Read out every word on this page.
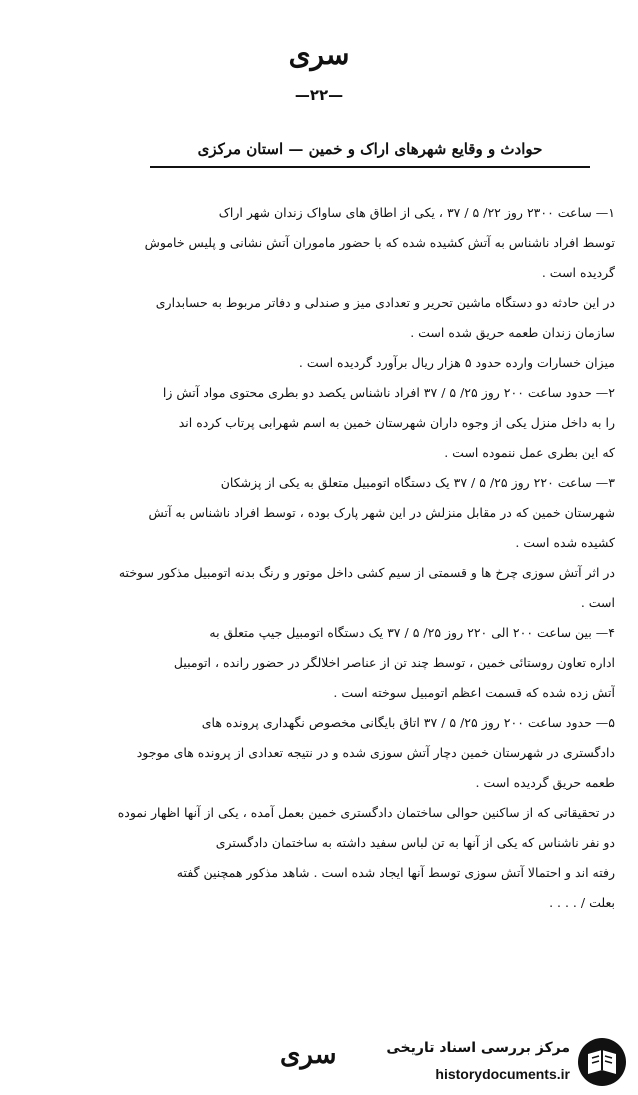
سری
—۲۲—
حوادث و وقایع شهرهای اراک و خمین — استان مرکزی
۱— ساعت ۲۳۰۰ روز ۲۲/ ۵ / ۳۷ ، یکی از اطاق های ساواک زندان شهر اراک
توسط افراد ناشناس به آتش کشیده شده که با حضور ماموران آتش نشانی و پلیس خاموش
گردیده است .
در این حادثه دو دستگاه ماشین تحریر و تعدادی میز و صندلی و دفاتر مربوط به حسابداری
سازمان زندان طعمه حریق شده است .
میزان خسارات وارده حدود ۵ هزار ریال برآورد گردیده است .
۲— حدود ساعت ۲۰۰ روز ۲۵/ ۵ / ۳۷ افراد ناشناس یکصد دو بطری محتوی مواد آتش زا
را به داخل منزل یکی از وجوه داران شهرستان خمین به اسم شهرابی پرتاب کرده اند
که این بطری عمل ننموده است .
۳— ساعت ۲۲۰ روز ۲۵/ ۵ / ۳۷ یک دستگاه اتومبیل متعلق به یکی از پزشکان
شهرستان خمین که در مقابل منزلش در این شهر پارک بوده ، توسط افراد ناشناس به آتش
کشیده شده است .
در اثر آتش سوزی چرخ ها و قسمتی از سیم کشی داخل موتور و رنگ بدنه اتومبیل مذکور سوخته
است .
۴— بین ساعت ۲۰۰ الی ۲۲۰ روز ۲۵/ ۵ / ۳۷ یک دستگاه اتومبیل جیپ متعلق به
اداره تعاون روستائی خمین ، توسط چند تن از عناصر اخلالگر در حضور رانده ، اتومبیل
آتش زده شده که قسمت اعظم اتومبیل سوخته است .
۵— حدود ساعت ۲۰۰ روز ۲۵/ ۵ / ۳۷ اتاق بایگانی مخصوص نگهداری پرونده های
دادگستری در شهرستان خمین دچار آتش سوزی شده و در نتیجه تعدادی از پرونده های موجود
طعمه حریق گردیده است .
در تحقیقاتی که از ساکنین حوالی ساختمان دادگستری خمین بعمل آمده ، یکی از آنها اظهار نموده
دو نفر ناشناس که یکی از آنها به تن لباس سفید داشته به ساختمان دادگستری
رفته اند و احتمالا آتش سوزی توسط آنها ایجاد شده است . شاهد مذکور همچنین گفته
بعلت / . . . .
سری	مرکز بررسی اسناد تاریخی
historydocuments.ir
